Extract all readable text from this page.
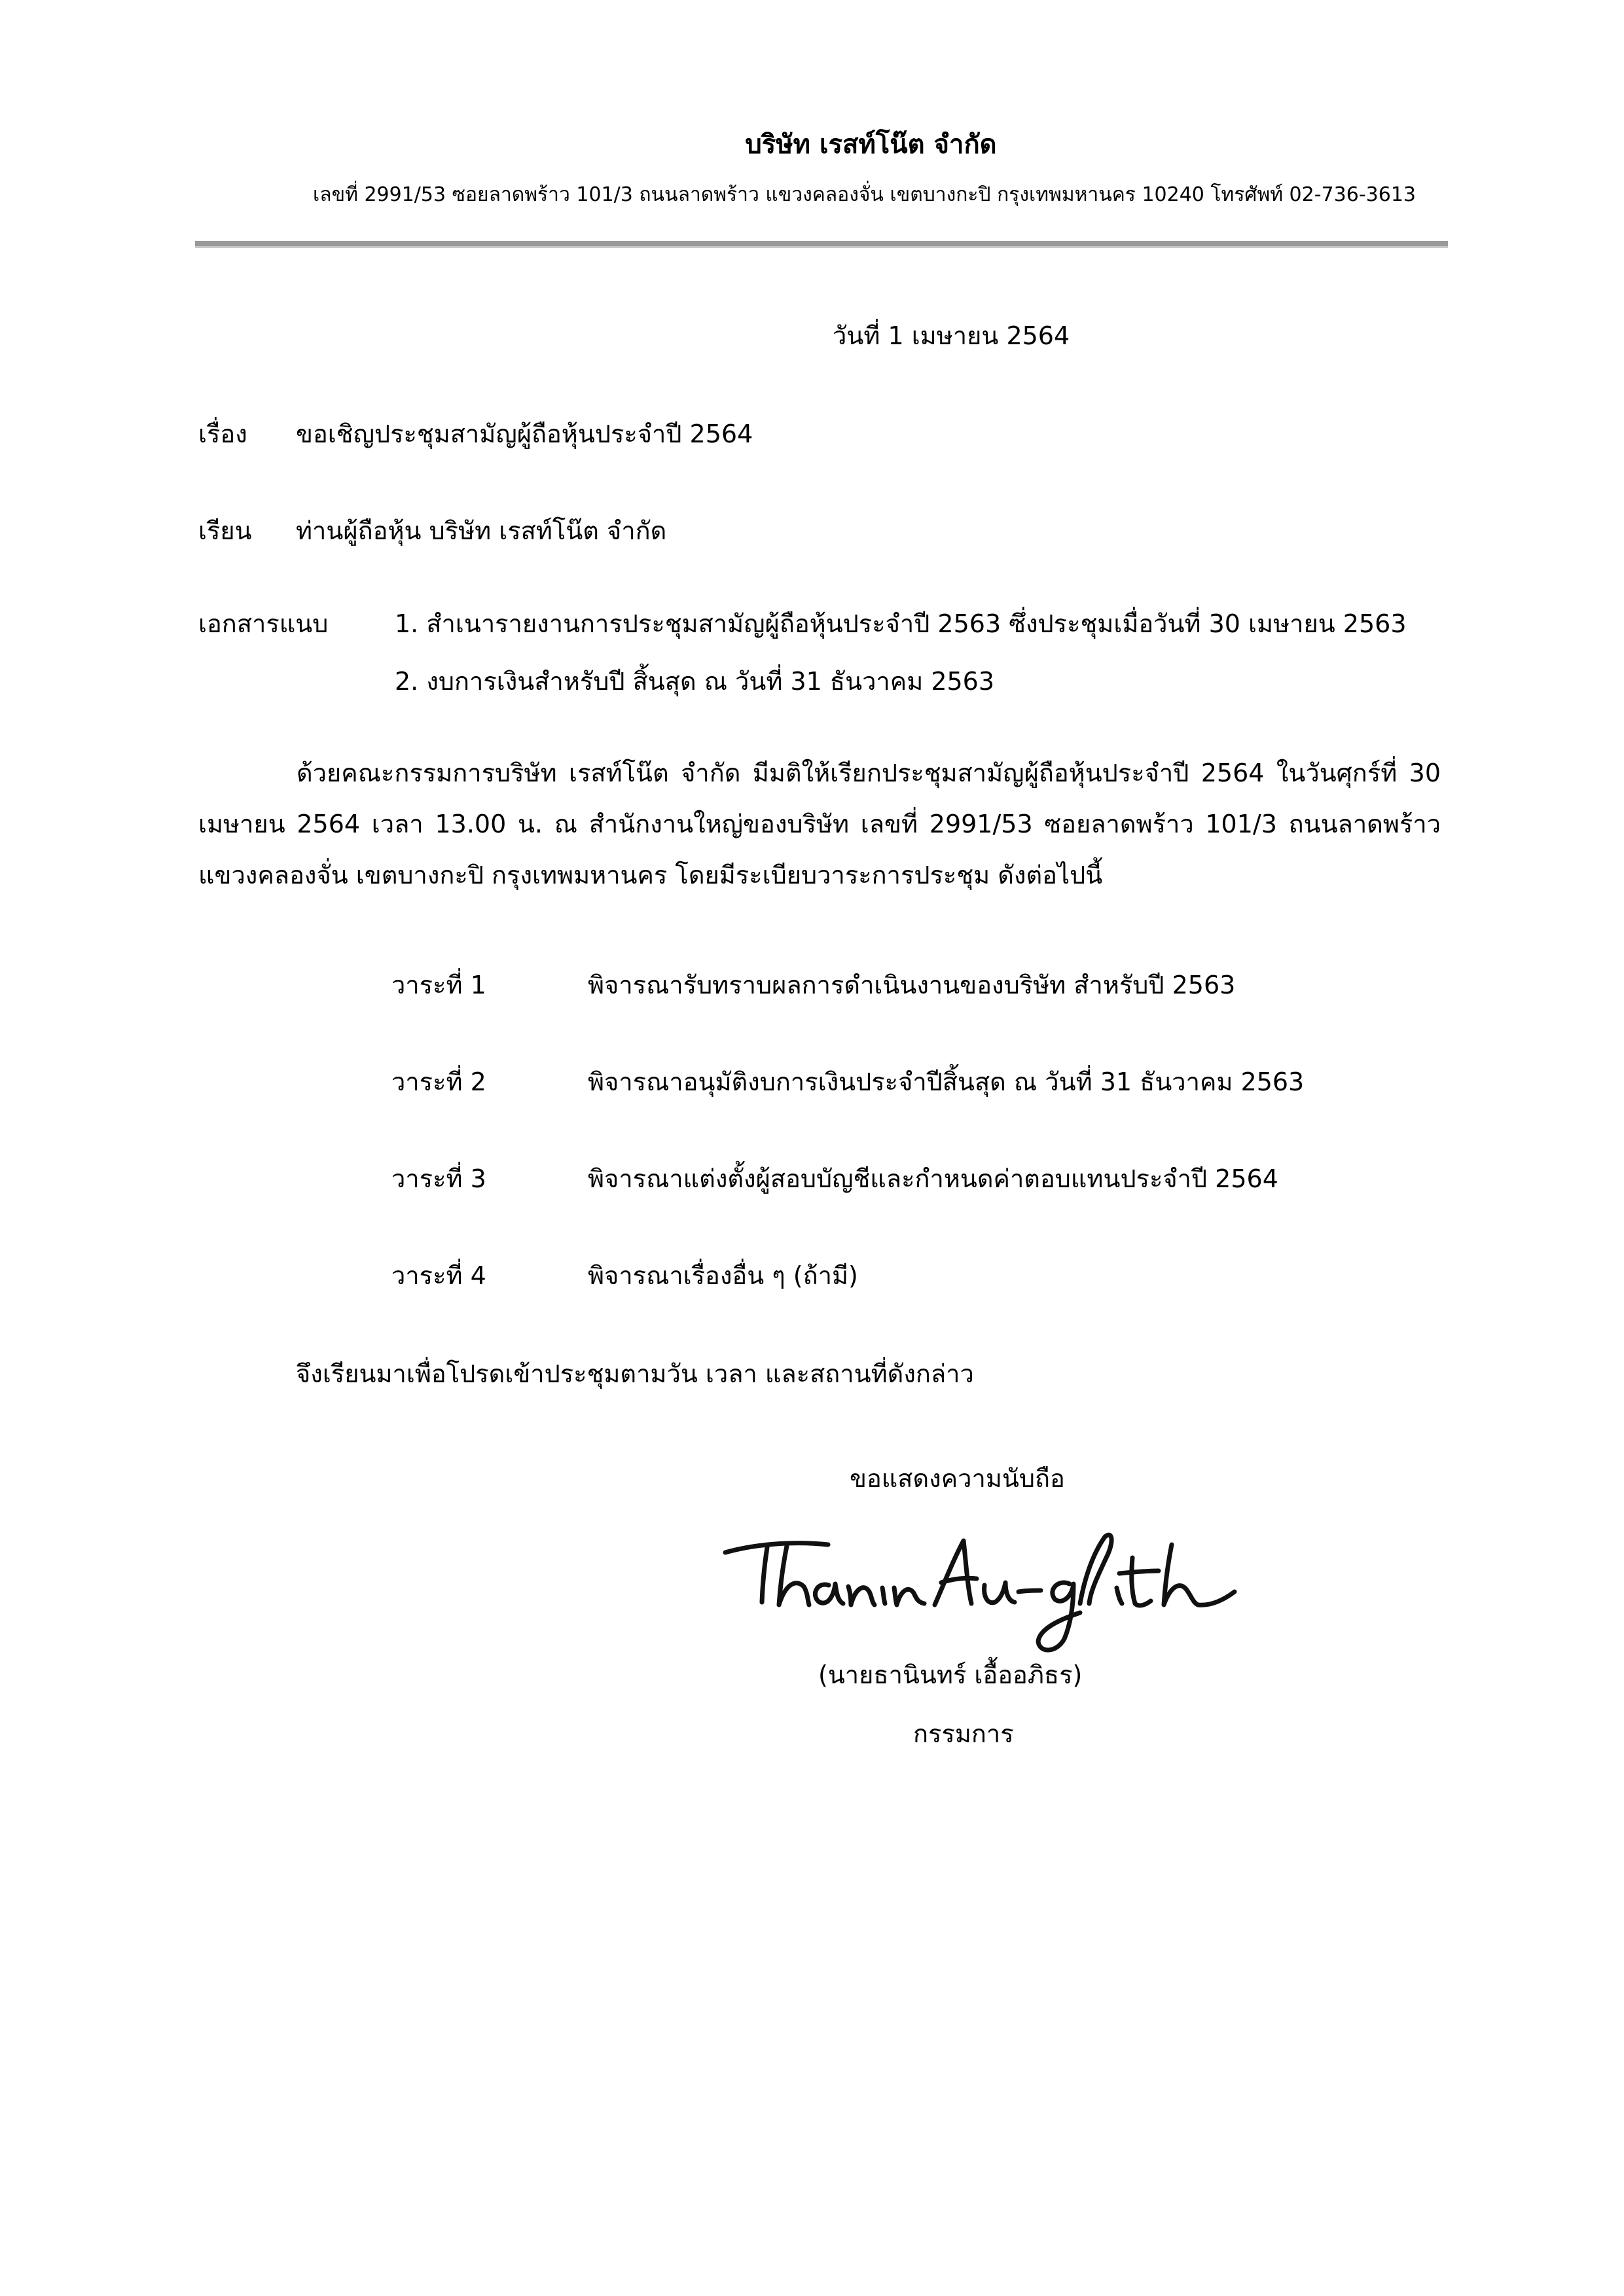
บริษัท เรสท์โน๊ต จำกัด
เลขที่ 2991/53 ซอยลาดพร้าว 101/3 ถนนลาดพร้าว แขวงคลองจั่น เขตบางกะปิ กรุงเทพมหานคร 10240 โทรศัพท์ 02-736-3613
วันที่ 1 เมษายน 2564
เรื่อง ขอเชิญประชุมสามัญผู้ถือหุ้นประจำปี 2564
เรียน ท่านผู้ถือหุ้น บริษัท เรสท์โน๊ต จำกัด
เอกสารแนบ	1. สำเนารายงานการประชุมสามัญผู้ถือหุ้นประจำปี 2563 ซึ่งประชุมเมื่อวันที่ 30 เมษายน 2563
2. งบการเงินสำหรับปี สิ้นสุด ณ วันที่ 31 ธันวาคม 2563
ด้วยคณะกรรมการบริษัท เรสท์โน๊ต จำกัด มีมติให้เรียกประชุมสามัญผู้ถือหุ้นประจำปี 2564 ในวันศุกร์ที่ 30 เมษายน 2564 เวลา 13.00 น. ณ สำนักงานใหญ่ของบริษัท เลขที่ 2991/53 ซอยลาดพร้าว 101/3 ถนนลาดพร้าว แขวงคลองจั่น เขตบางกะปิ กรุงเทพมหานคร โดยมีระเบียบวาระการประชุม ดังต่อไปนี้
วาระที่ 1	พิจารณารับทราบผลการดำเนินงานของบริษัท สำหรับปี 2563
วาระที่ 2	พิจารณาอนุมัติงบการเงินประจำปีสิ้นสุด ณ วันที่ 31 ธันวาคม 2563
วาระที่ 3	พิจารณาแต่งตั้งผู้สอบบัญชีและกำหนดค่าตอบแทนประจำปี 2564
วาระที่ 4	พิจารณาเรื่องอื่น ๆ (ถ้ามี)
จึงเรียนมาเพื่อโปรดเข้าประชุมตามวัน เวลา และสถานที่ดังกล่าว
ขอแสดงความนับถือ
(นายธานินทร์ เอื้ออภิธร)
กรรมการ
